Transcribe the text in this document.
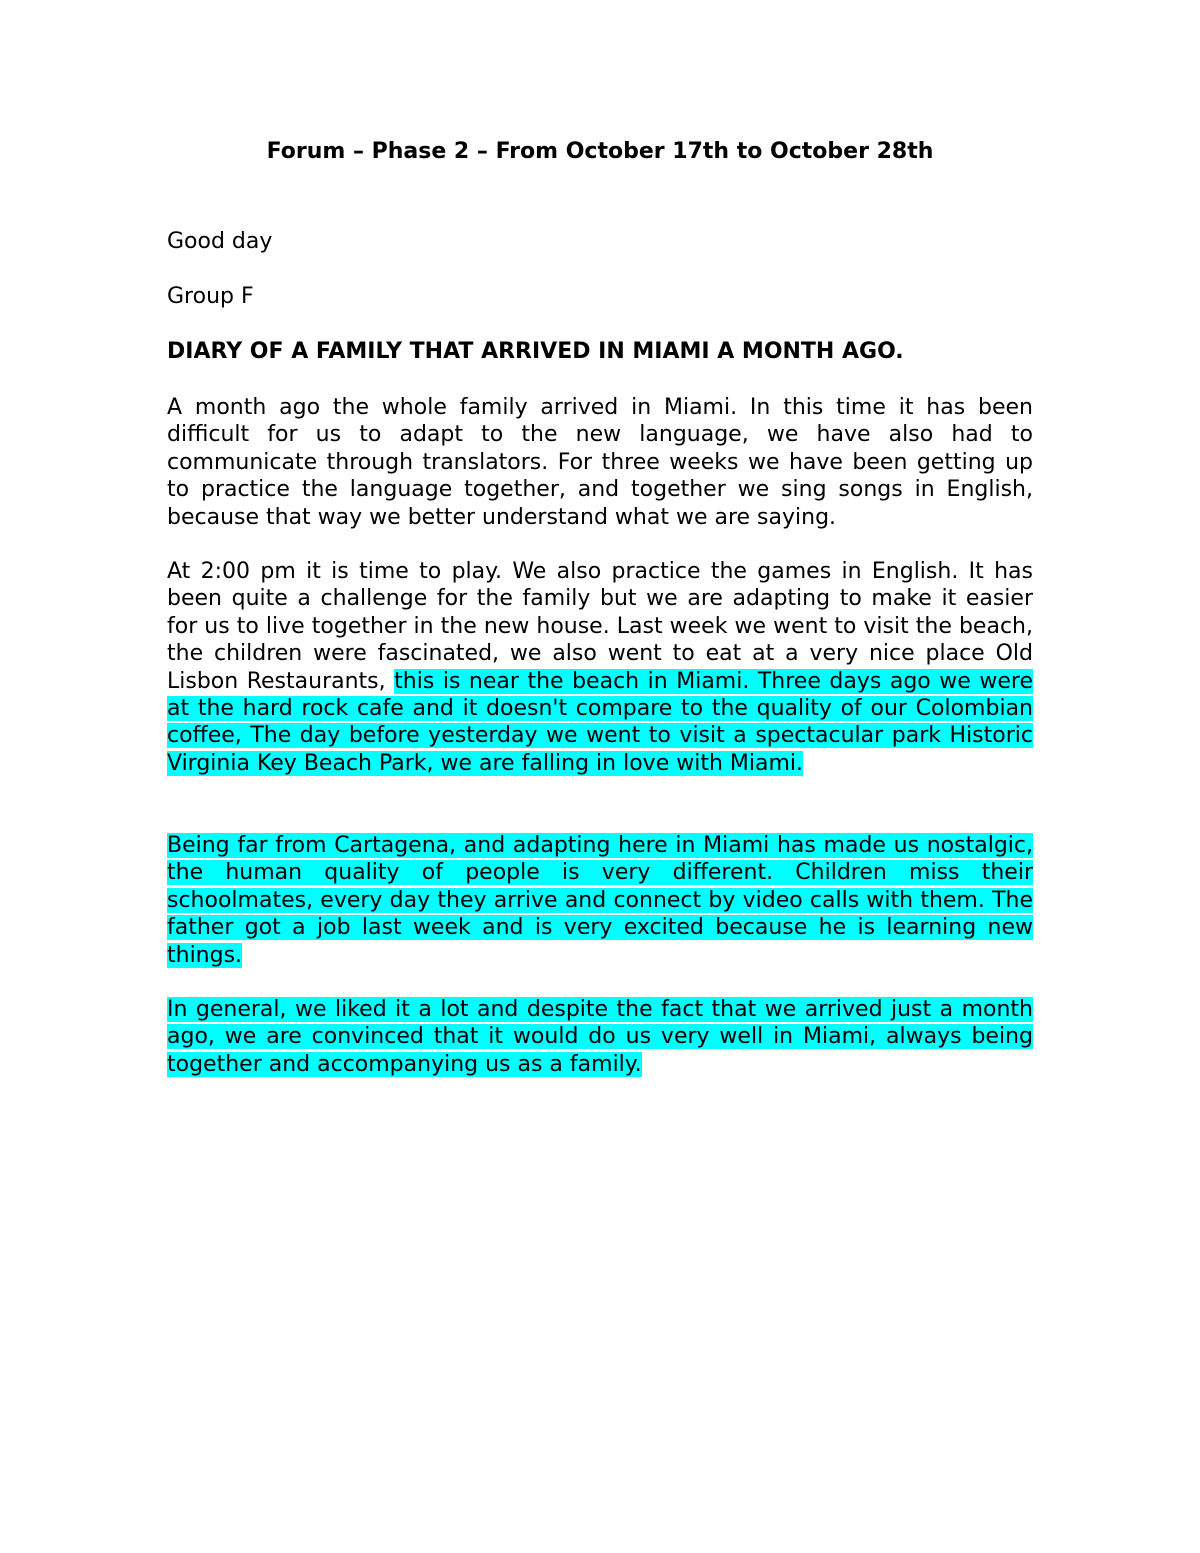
Forum – Phase 2 – From October 17th to October 28th

Good day

Group F

DIARY OF A FAMILY THAT ARRIVED IN MIAMI A MONTH AGO.

A month ago the whole family arrived in Miami. In this time it has been difficult for us to adapt to the new language, we have also had to communicate through translators. For three weeks we have been getting up to practice the language together, and together we sing songs in English, because that way we better understand what we are saying.

At 2:00 pm it is time to play. We also practice the games in English. It has been quite a challenge for the family but we are adapting to make it easier for us to live together in the new house. Last week we went to visit the beach, the children were fascinated, we also went to eat at a very nice place Old Lisbon Restaurants, this is near the beach in Miami. Three days ago we were at the hard rock cafe and it doesn't compare to the quality of our Colombian coffee, The day before yesterday we went to visit a spectacular park Historic Virginia Key Beach Park, we are falling in love with Miami.

Being far from Cartagena, and adapting here in Miami has made us nostalgic, the human quality of people is very different. Children miss their schoolmates, every day they arrive and connect by video calls with them. The father got a job last week and is very excited because he is learning new things.

In general, we liked it a lot and despite the fact that we arrived just a month ago, we are convinced that it would do us very well in Miami, always being together and accompanying us as a family.
